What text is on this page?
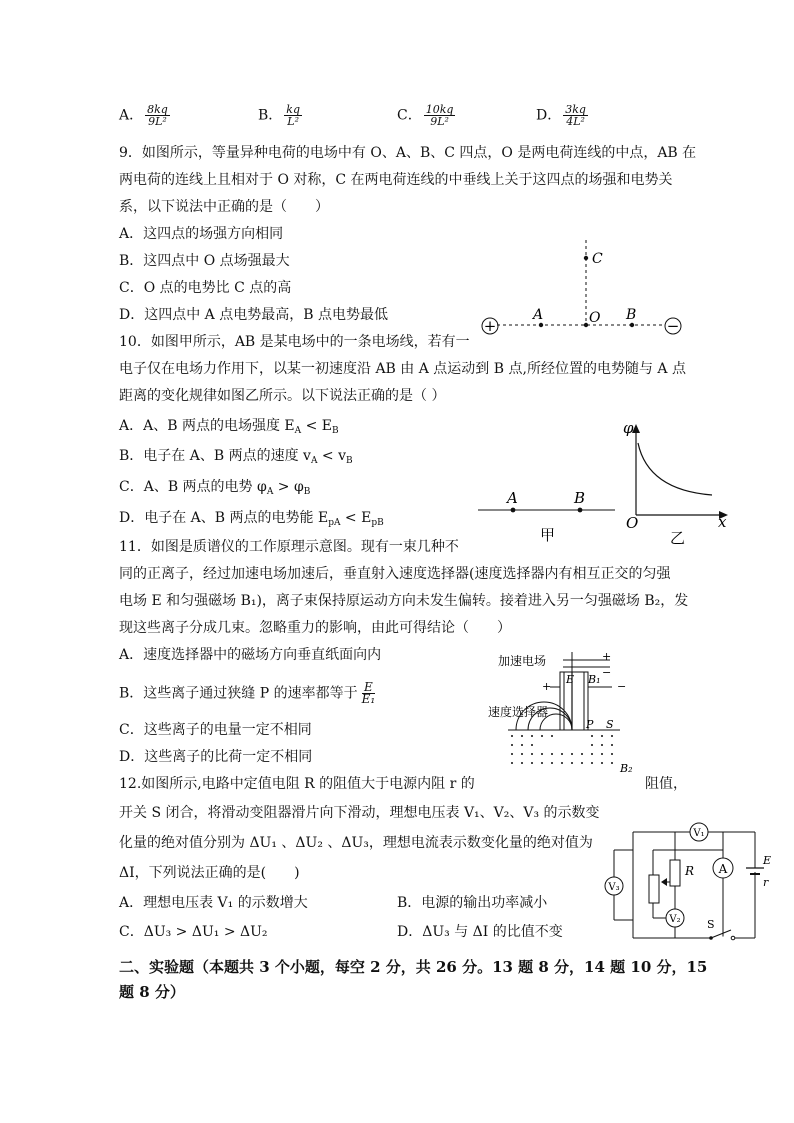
A． $\frac{8kq}{\text{9L²}}$	B． $\frac{kq}{\text{L²}}$	C． $\frac{10kq}{\text{9L²}}$	D． $\frac{3kq}{\text{4L²}}$
9．如图所示，等量异种电荷的电场中有 O、A、B、C 四点，O 是两电荷连线的中点，AB 在
两电荷的连线上且相对于 O 对称，C 在两电荷连线的中垂线上关于这四点的场强和电势关
系，以下说法中正确的是（　　）
A．这四点的场强方向相同
B．这四点中 O 点场强最大
C．O 点的电势比 C 点的高
D．这四点中 A 点电势最高，B 点电势最低
+	−
A	O B
C
10．如图甲所示，AB 是某电场中的一条电场线，若有一
电子仅在电场力作用下，以某一初速度沿 AB 由 A 点运动到 B 点,所经位置的电势随与 A 点
距离的变化规律如图乙所示。以下说法正确的是（ ）
A．A、B 两点的电场强度 $E_A < E_B$
B．电子在 A、B 两点的速度 $v_A < v_B$
C．A、B 两点的电势 $\varphi_A > \varphi_B$
D．电子在 A、B 两点的电势能 $E_{pA} < E_{pB}$
A	B
甲
φ
O	x
乙
11．如图是质谱仪的工作原理示意图。现有一束几种不
同的正离子，经过加速电场加速后，垂直射入速度选择器(速度选择器内有相互正交的匀强
电场 E 和匀强磁场 B₁)，离子束保持原运动方向未发生偏转。接着进入另一匀强磁场 B₂，发
现这些离子分成几束。忽略重力的影响，由此可得结论（　　）
A．速度选择器中的磁场方向垂直纸面向内
B．这些离子通过狭缝 P 的速率都等于 $\frac{E}{\text{E₁}}$
C．这些离子的电量一定不相同
D．这些离子的比荷一定不相同
加速电场	+
−
+	−
E B₁
速度选择器
P S
B₂
12.如图所示,电路中定值电阻 R 的阻值大于电源内阻 r 的	阻值，
开关 S 闭合，将滑动变阻器滑片向下滑动，理想电压表 V₁、V₂、V₃ 的示数变
化量的绝对值分别为 ΔU₁ 、ΔU₂ 、ΔU₃，理想电流表示数变化量的绝对值为
ΔI，下列说法正确的是(　　)
A．理想电压表 V₁ 的示数增大	B．电源的输出功率减小
C．ΔU₃ > ΔU₁ > ΔU₂	D．ΔU₃ 与 ΔI 的比值不变
V₁
R
V₃
V₂
A
E
r
S
二、实验题（本题共 3 个小题，每空 2 分，共 26 分。13 题 8 分，14 题 10 分，15
题 8 分）
